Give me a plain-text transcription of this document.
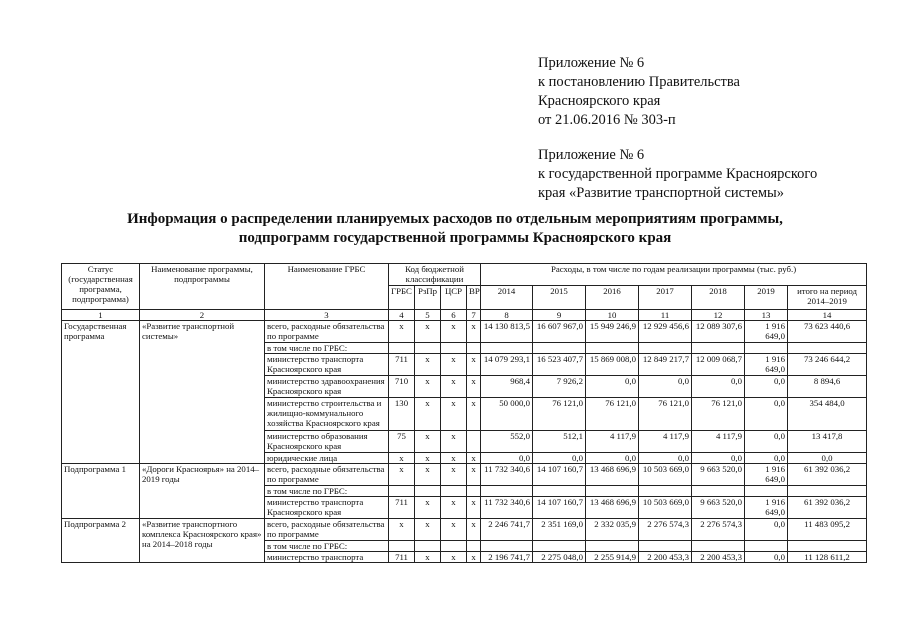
Приложение № 6
к постановлению Правительства
Красноярского края
от 21.06.2016 № 303-п
Приложение № 6
к государственной программе Красноярского
края «Развитие транспортной системы»
Информация о распределении планируемых расходов по отдельным мероприятиям программы,
подпрограмм государственной программы Красноярского края
Статус (государственная программа, подпрограмма)	Наименование программы, подпрограммы	Наименование ГРБС	Код бюджетной классификации				Расходы, в том числе по годам реализации программы (тыс. руб.)						
			ГРБС	РзПр	ЦСР	ВР	2014	2015	2016	2017	2018	2019	итого на период 2014–2019
1	2	3	4	5	6	7	8	9	10	11	12	13	14
Государственная программа	«Развитие транспортной системы»	всего, расходные обязательства по программе	x	x	x	x	14 130 813,5	16 607 967,0	15 949 246,9	12 929 456,6	12 089 307,6	1 916 649,0	73 623 440,6
		в том числе по ГРБС:											
		министерство транспорта Красноярского края	711	x	x	x	14 079 293,1	16 523 407,7	15 869 008,0	12 849 217,7	12 009 068,7	1 916 649,0	73 246 644,2
		министерство здравоохранения Красноярского края	710	x	x	x	968,4	7 926,2	0,0	0,0	0,0	0,0	8 894,6
		министерство строительства и жилищно-коммунального хозяйства Красноярского края	130	x	x	x	50 000,0	76 121,0	76 121,0	76 121,0	76 121,0	0,0	354 484,0
		министерство образования Красноярского края	75	x	x		552,0	512,1	4 117,9	4 117,9	4 117,9	0,0	13 417,8
		юридические лица	x	x	x	x	0,0	0,0	0,0	0,0	0,0	0,0	0,0
Подпрограмма 1	«Дороги Красноярья» на 2014–2019 годы	всего, расходные обязательства по программе	x	x	x	x	11 732 340,6	14 107 160,7	13 468 696,9	10 503 669,0	9 663 520,0	1 916 649,0	61 392 036,2
		в том числе по ГРБС:											
		министерство транспорта Красноярского края	711	x	x	x	11 732 340,6	14 107 160,7	13 468 696,9	10 503 669,0	9 663 520,0	1 916 649,0	61 392 036,2
Подпрограмма 2	«Развитие транспортного комплекса Красноярского края» на 2014–2018 годы	всего, расходные обязательства по программе	x	x	x	x	2 246 741,7	2 351 169,0	2 332 035,9	2 276 574,3	2 276 574,3	0,0	11 483 095,2
		в том числе по ГРБС:											
		министерство транспорта	711	x	x	x	2 196 741,7	2 275 048,0	2 255 914,9	2 200 453,3	2 200 453,3	0,0	11 128 611,2
